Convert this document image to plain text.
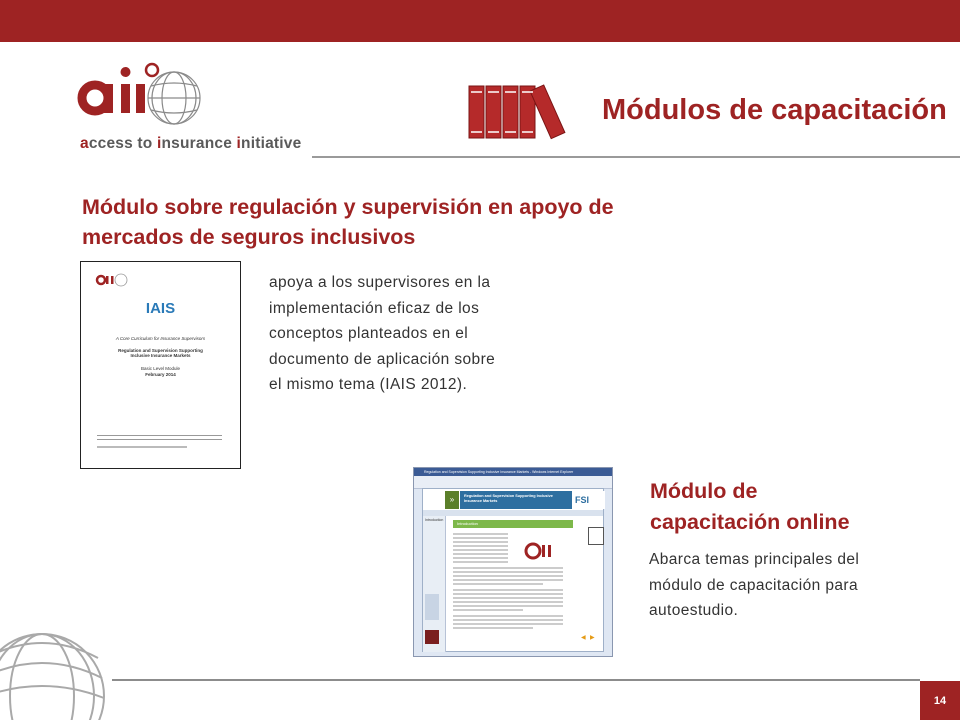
access to insurance initiative
Módulos de capacitación
Módulo sobre regulación y supervisión en apoyo de mercados de seguros inclusivos
IAIS
A Core Curriculum for Insurance Supervisors
Regulation and Supervision Supporting Inclusive Insurance Markets
Basic Level Module
February 2014
apoya a los supervisores en la implementación eficaz de los conceptos planteados en el documento de aplicación sobre el mismo tema (IAIS 2012).
Regulation and Supervision Supporting Inclusive Insurance Markets - Windows Internet Explorer
»	Regulation and Supervision Supporting Inclusive Insurance Markets	FSI
Introduction
Introduction
◀ ▶
Módulo de capacitación online
Abarca temas principales del módulo de capacitación para autoestudio.
14
